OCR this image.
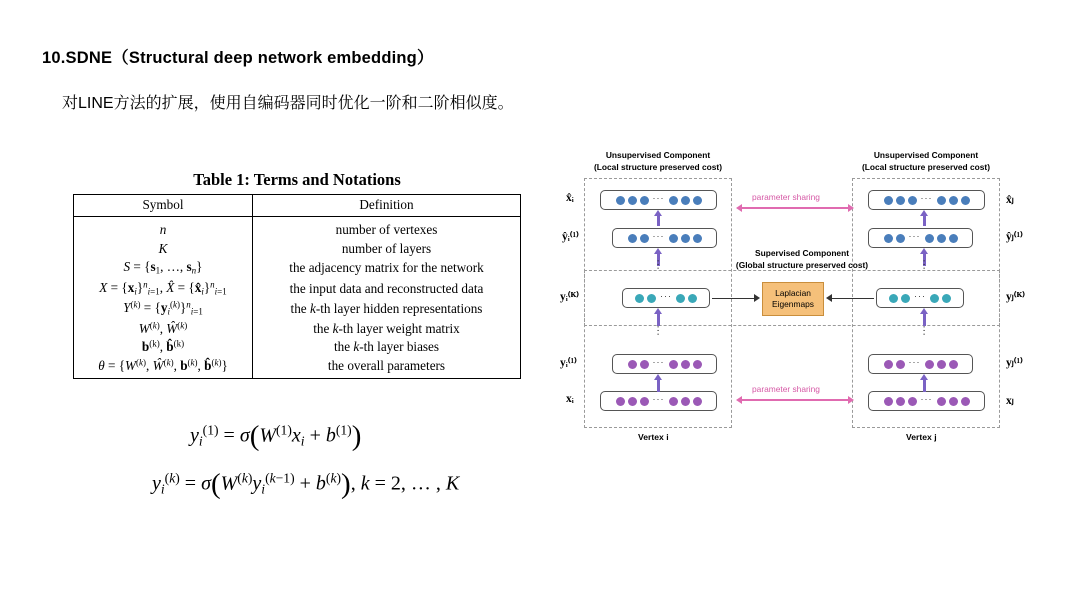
10.SDNE（Structural deep network embedding）
对LINE方法的扩展，使用自编码器同时优化一阶和二阶相似度。
Table 1: Terms and Notations
Symbol	Definition
n	number of vertexes
K	number of layers
$S = \{s_1$, …, $s_n$}	the adjacency matrix for the network
$X = \{x_i\}^n_{i=1}$, X̂ = $\{x̂_i\}^n_{i=1}$	the input data and reconstructed data
$Y^{(k)} = \{y_i^{(k)}\}^n_{i=1}$	the k-th layer hidden representations
$W^{(k)}$, $Ŵ^{(k)}$	the k-th layer weight matrix
$b^{(k)}$, b̂$^{(k)}$	the k-th layer biases
$\theta = \{W^{(k)}$, $Ŵ^{(k)}$, $b^{(k)}$, b̂$^{(k)}$}	the overall parameters
$y_i^{(1)} = \sigma(W^{(1)}x_i + b^{(1)})$
$y_i^{(k)} = \sigma(W^{(k)}y_i^{(k-1)} + b^{(k)})$, k = 2, … , K
Unsupervised Component
(Local structure preserved cost)
Unsupervised Component
(Local structure preserved cost)
Supervised Component
(Global structure preserved cost)
···
···
···
···
···
···
···
x̂ᵢ
ŷᵢ⁽¹⁾
yᵢ⁽ᴷ⁾
yᵢ⁽¹⁾
xᵢ
···
···
···
···
···
···
···
x̂ⱼ
ŷⱼ⁽¹⁾
yⱼ⁽ᴷ⁾
yⱼ⁽¹⁾
xⱼ
Laplacian
Eigenmaps
parameter sharing
parameter sharing
Vertex i	Vertex j
